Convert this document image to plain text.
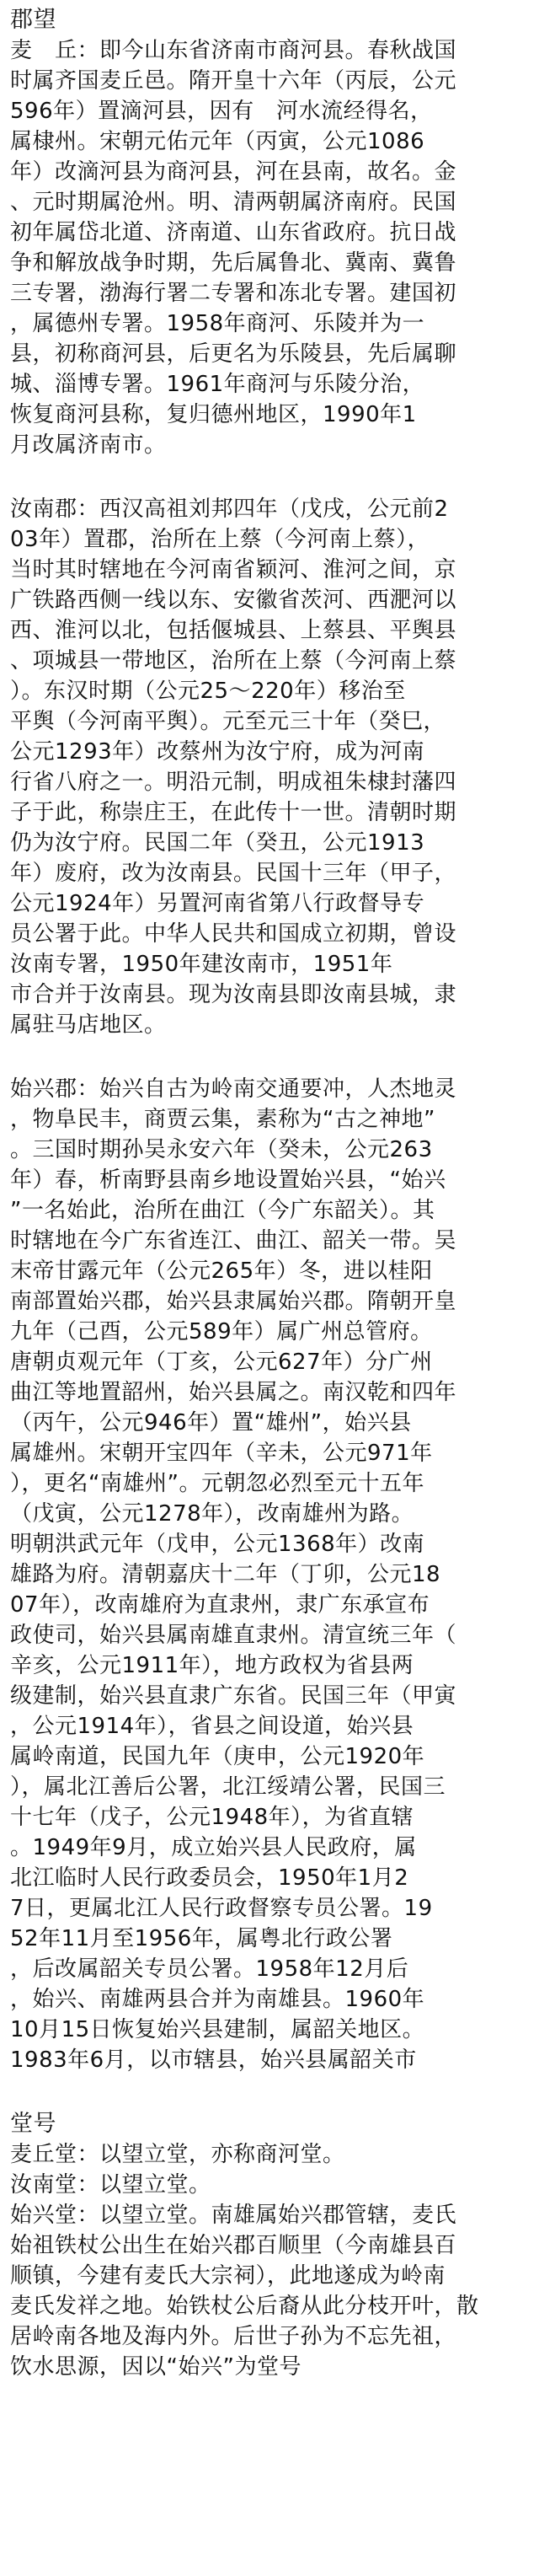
郡望
麦　丘：即今山东省济南市商河县。春秋战国
时属齐国麦丘邑。隋开皇十六年（丙辰，公元
596年）置滴河县，因有　河水流经得名，
属棣州。宋朝元佑元年（丙寅，公元1086
年）改滴河县为商河县，河在县南，故名。金
、元时期属沧州。明、清两朝属济南府。民国
初年属岱北道、济南道、山东省政府。抗日战
争和解放战争时期，先后属鲁北、冀南、冀鲁
三专署，渤海行署二专署和冻北专署。建国初
，属德州专署。1958年商河、乐陵并为一
县，初称商河县，后更名为乐陵县，先后属聊
城、淄博专署。1961年商河与乐陵分治，
恢复商河县称，复归德州地区，1990年1
月改属济南市。
汝南郡：西汉高祖刘邦四年（戊戌，公元前2
03年）置郡，治所在上蔡（今河南上蔡），
当时其时辖地在今河南省颖河、淮河之间，京
广铁路西侧一线以东、安徽省茨河、西淝河以
西、淮河以北，包括偃城县、上蔡县、平舆县
、项城县一带地区，治所在上蔡（今河南上蔡
）。东汉时期（公元25～220年）移治至
平舆（今河南平舆）。元至元三十年（癸巳，
公元1293年）改蔡州为汝宁府，成为河南
行省八府之一。明沿元制，明成祖朱棣封藩四
子于此，称崇庄王，在此传十一世。清朝时期
仍为汝宁府。民国二年（癸丑，公元1913
年）废府，改为汝南县。民国十三年（甲子，
公元1924年）另置河南省第八行政督导专
员公署于此。中华人民共和国成立初期，曾设
汝南专署，1950年建汝南市，1951年
市合并于汝南县。现为汝南县即汝南县城，隶
属驻马店地区。
始兴郡：始兴自古为岭南交通要冲，人杰地灵
，物阜民丰，商贾云集，素称为“古之神地”
。三国时期孙吴永安六年（癸未，公元263
年）春，析南野县南乡地设置始兴县，“始兴
”一名始此，治所在曲江（今广东韶关）。其
时辖地在今广东省连江、曲江、韶关一带。吴
末帝甘露元年（公元265年）冬，进以桂阳
南部置始兴郡，始兴县隶属始兴郡。隋朝开皇
九年（己酉，公元589年）属广州总管府。
唐朝贞观元年（丁亥，公元627年）分广州
曲江等地置韶州，始兴县属之。南汉乾和四年
（丙午，公元946年）置“雄州”，始兴县
属雄州。宋朝开宝四年（辛未，公元971年
），更名“南雄州”。元朝忽必烈至元十五年
（戊寅，公元1278年），改南雄州为路。
明朝洪武元年（戊申，公元1368年）改南
雄路为府。清朝嘉庆十二年（丁卯，公元18
07年），改南雄府为直隶州，隶广东承宣布
政使司，始兴县属南雄直隶州。清宣统三年（
辛亥，公元1911年），地方政权为省县两
级建制，始兴县直隶广东省。民国三年（甲寅
，公元1914年），省县之间设道，始兴县
属岭南道，民国九年（庚申，公元1920年
），属北江善后公署，北江绥靖公署，民国三
十七年（戊子，公元1948年），为省直辖
。1949年9月，成立始兴县人民政府，属
北江临时人民行政委员会，1950年1月2
7日，更属北江人民行政督察专员公署。19
52年11月至1956年，属粤北行政公署
，后改属韶关专员公署。1958年12月后
，始兴、南雄两县合并为南雄县。1960年
10月15日恢复始兴县建制，属韶关地区。
1983年6月，以市辖县，始兴县属韶关市
堂号
麦丘堂：以望立堂，亦称商河堂。
汝南堂：以望立堂。
始兴堂：以望立堂。南雄属始兴郡管辖，麦氏
始祖铁杖公出生在始兴郡百顺里（今南雄县百
顺镇，今建有麦氏大宗祠），此地遂成为岭南
麦氏发祥之地。始铁杖公后裔从此分枝开叶，散
居岭南各地及海内外。后世子孙为不忘先祖，
饮水思源，因以“始兴”为堂号
